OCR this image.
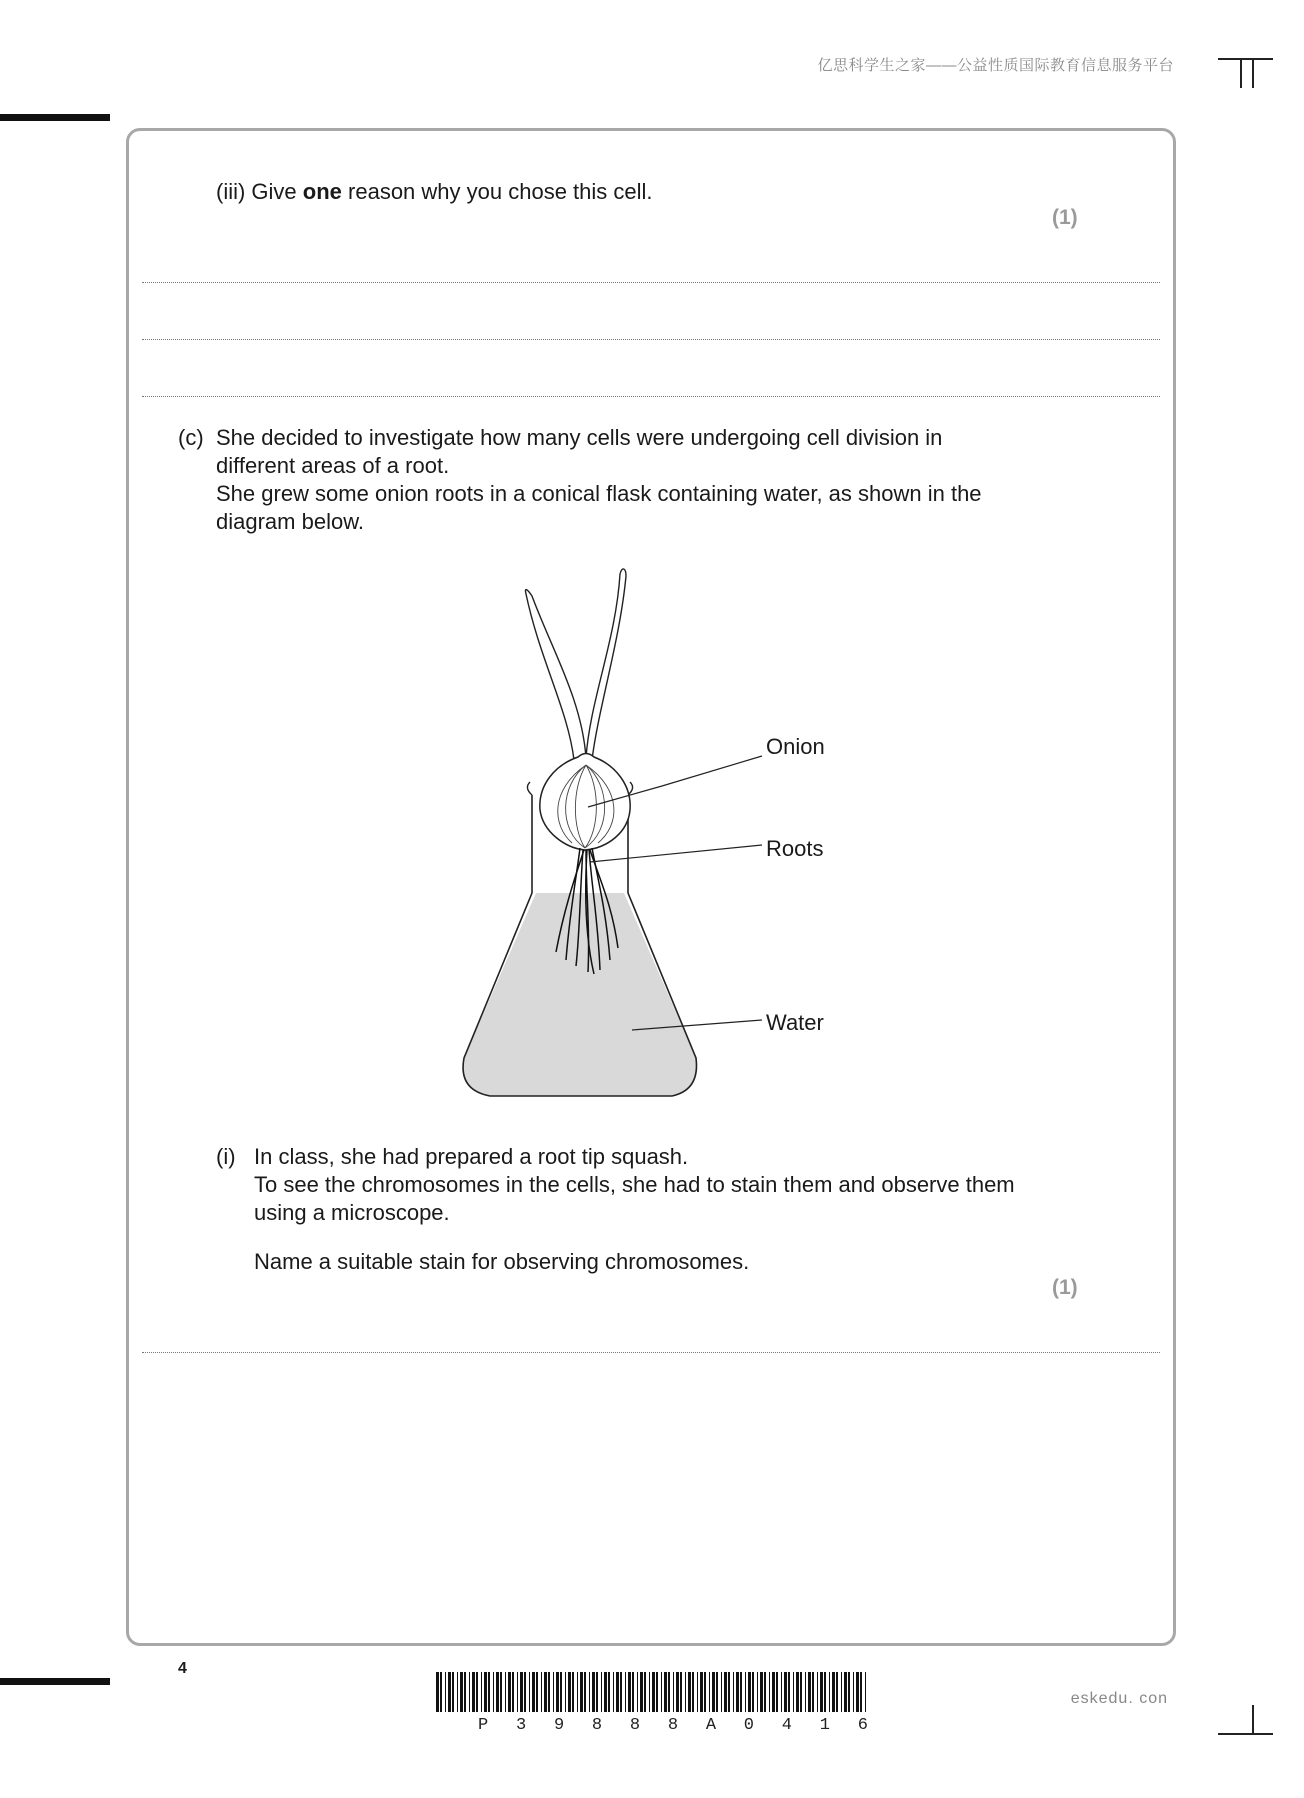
亿思科学生之家——公益性质国际教育信息服务平台
(iii) Give one reason why you chose this cell.
(1)
(c) She decided to investigate how many cells were undergoing cell division in
different areas of a root.
She grew some onion roots in a conical flask containing water, as shown in the
diagram below.
Onion
Roots
Water
(i) In class, she had prepared a root tip squash.
To see the chromosomes in the cells, she had to stain them and observe them
using a microscope.
Name a suitable stain for observing chromosomes.
(1)
4
P 3 9 8 8 8 A 0 4 1 6
eskedu. con
